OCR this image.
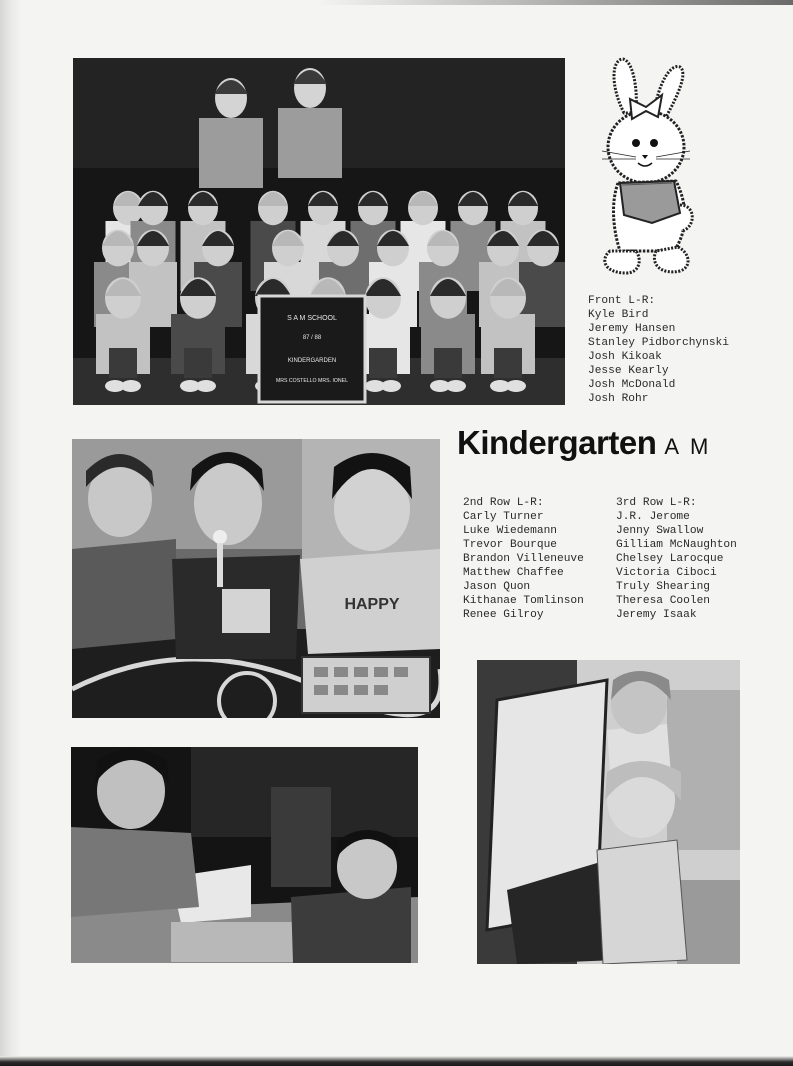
S A M SCHOOL
87 / 88
KINDERGARDEN
MRS COSTELLO MRS. IONEL

Front L-R:

Kyle Bird
Jeremy Hansen
Stanley Pidborchynski
Josh Kikoak
Jesse Kearly
Josh McDonald
Josh Rohr
Kindergarten A M

2nd Row L-R:

Carly Turner
Luke Wiedemann
Trevor Bourque
Brandon Villeneuve
Matthew Chaffee
Jason Quon
Kithanae Tomlinson
Renee Gilroy

3rd Row L-R:

J.R. Jerome
Jenny Swallow
Gilliam McNaughton
Chelsey Larocque
Victoria Ciboci
Truly Shearing
Theresa Coolen
Jeremy Isaak
HAPPY
